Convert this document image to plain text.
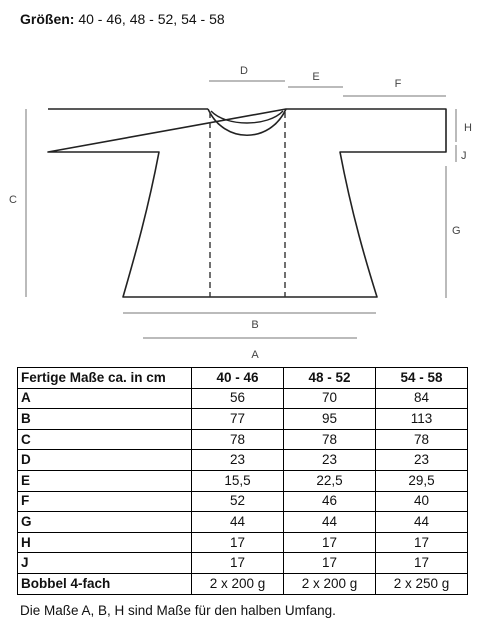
Größen: 40 - 46, 48 - 52, 54 - 58
D	E
F
H
J
G
C
B
A
Fertige Maße ca. in cm	40 - 46	48 - 52	54 - 58
A	56	70	84
B	77	95	113
C	78	78	78
D	23	23	23
E	15,5	22,5	29,5
F	52	46	40
G	44	44	44
H	17	17	17
J	17	17	17
Bobbel 4-fach	2 x 200 g	2 x 200 g	2 x 250 g
Die Maße A, B, H sind Maße für den halben Umfang.
